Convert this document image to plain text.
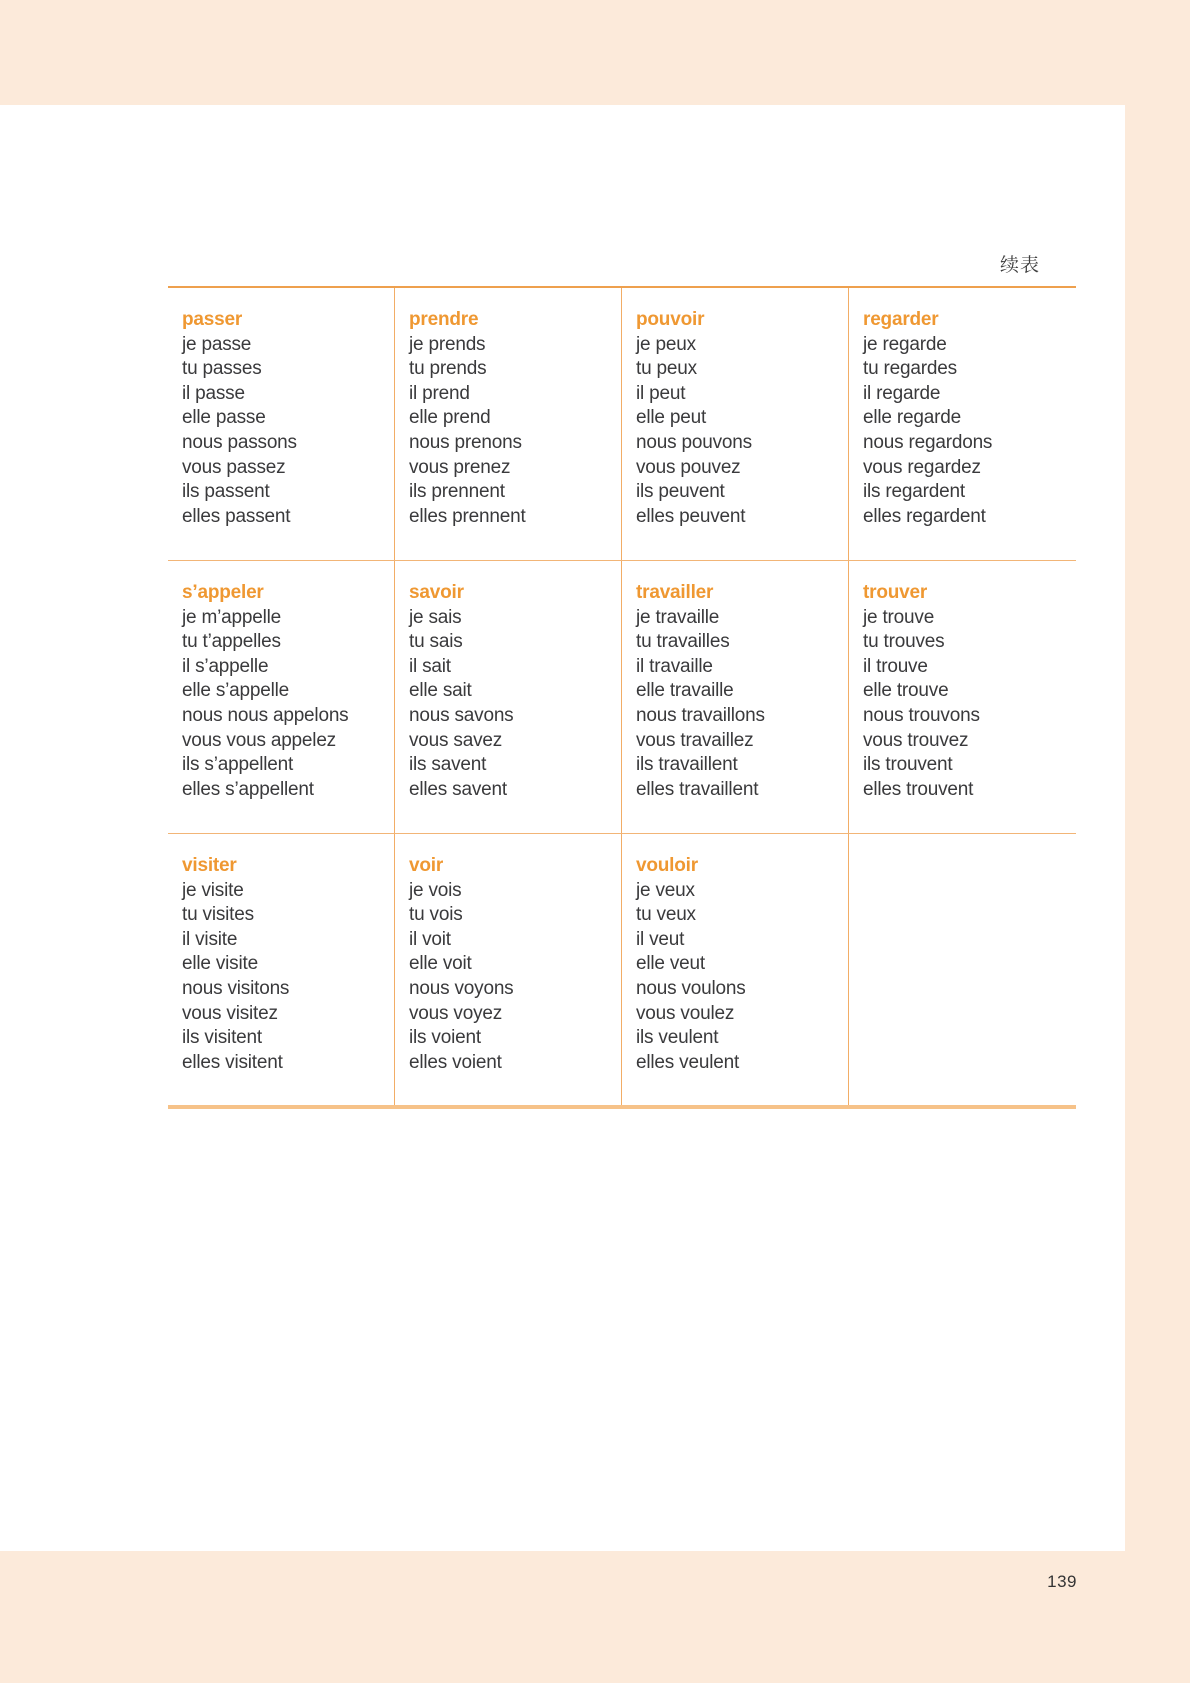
续表
passer
je passe
tu passes
il passe
elle passe
nous passons
vous passez
ils passent
elles passent
prendre
je prends
tu prends
il prend
elle prend
nous prenons
vous prenez
ils prennent
elles prennent
pouvoir
je peux
tu peux
il peut
elle peut
nous pouvons
vous pouvez
ils peuvent
elles peuvent
regarder
je regarde
tu regardes
il regarde
elle regarde
nous regardons
vous regardez
ils regardent
elles regardent
s’appeler
je m’appelle
tu t’appelles
il s’appelle
elle s’appelle
nous nous appelons
vous vous appelez
ils s’appellent
elles s’appellent
savoir
je sais
tu sais
il sait
elle sait
nous savons
vous savez
ils savent
elles savent
travailler
je travaille
tu travailles
il travaille
elle travaille
nous travaillons
vous travaillez
ils travaillent
elles travaillent
trouver
je trouve
tu trouves
il trouve
elle trouve
nous trouvons
vous trouvez
ils trouvent
elles trouvent
visiter
je visite
tu visites
il visite
elle visite
nous visitons
vous visitez
ils visitent
elles visitent
voir
je vois
tu vois
il voit
elle voit
nous voyons
vous voyez
ils voient
elles voient
vouloir
je veux
tu veux
il veut
elle veut
nous voulons
vous voulez
ils veulent
elles veulent
139
